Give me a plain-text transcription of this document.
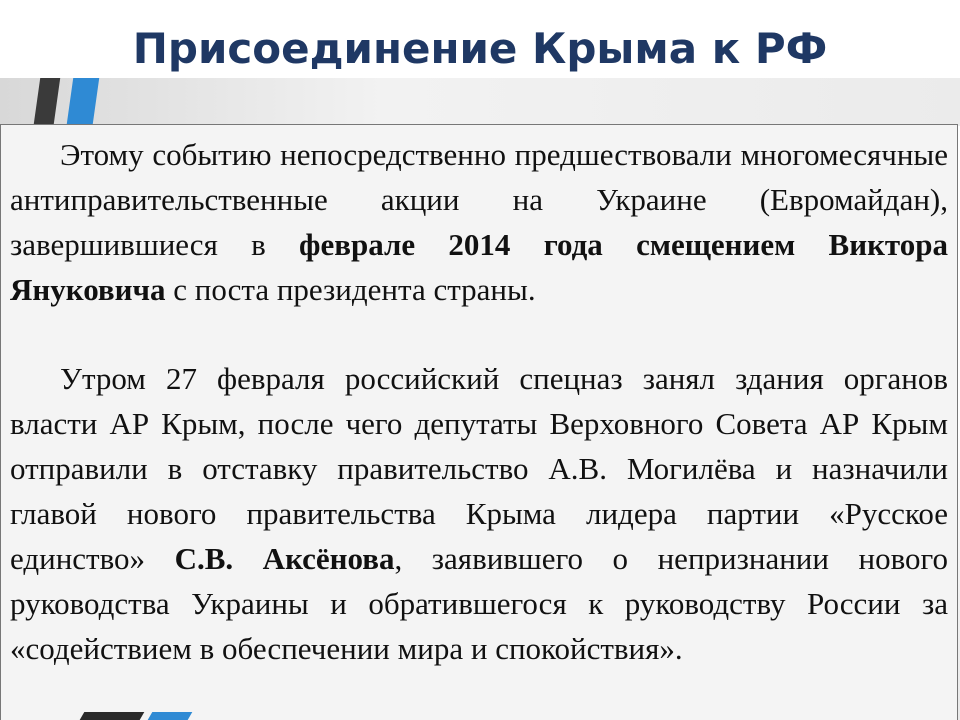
Присоединение Крыма к РФ

Этому событию непосредственно предшествовали многомесячные антиправительственные акции на Украине (Евромайдан), завершившиеся в феврале 2014 года смещением Виктора Януковича с поста президента страны.

Утром 27 февраля российский спецназ занял здания органов власти АР Крым, после чего депутаты Верховного Совета АР Крым отправили в отставку правительство А.В. Могилёва и назначили главой нового правительства Крыма лидера партии «Русское единство» С.В. Аксёнова, заявившего о непризнании нового руководства Украины и обратившегося к руководству России за «содействием в обеспечении мира и спокойствия».
